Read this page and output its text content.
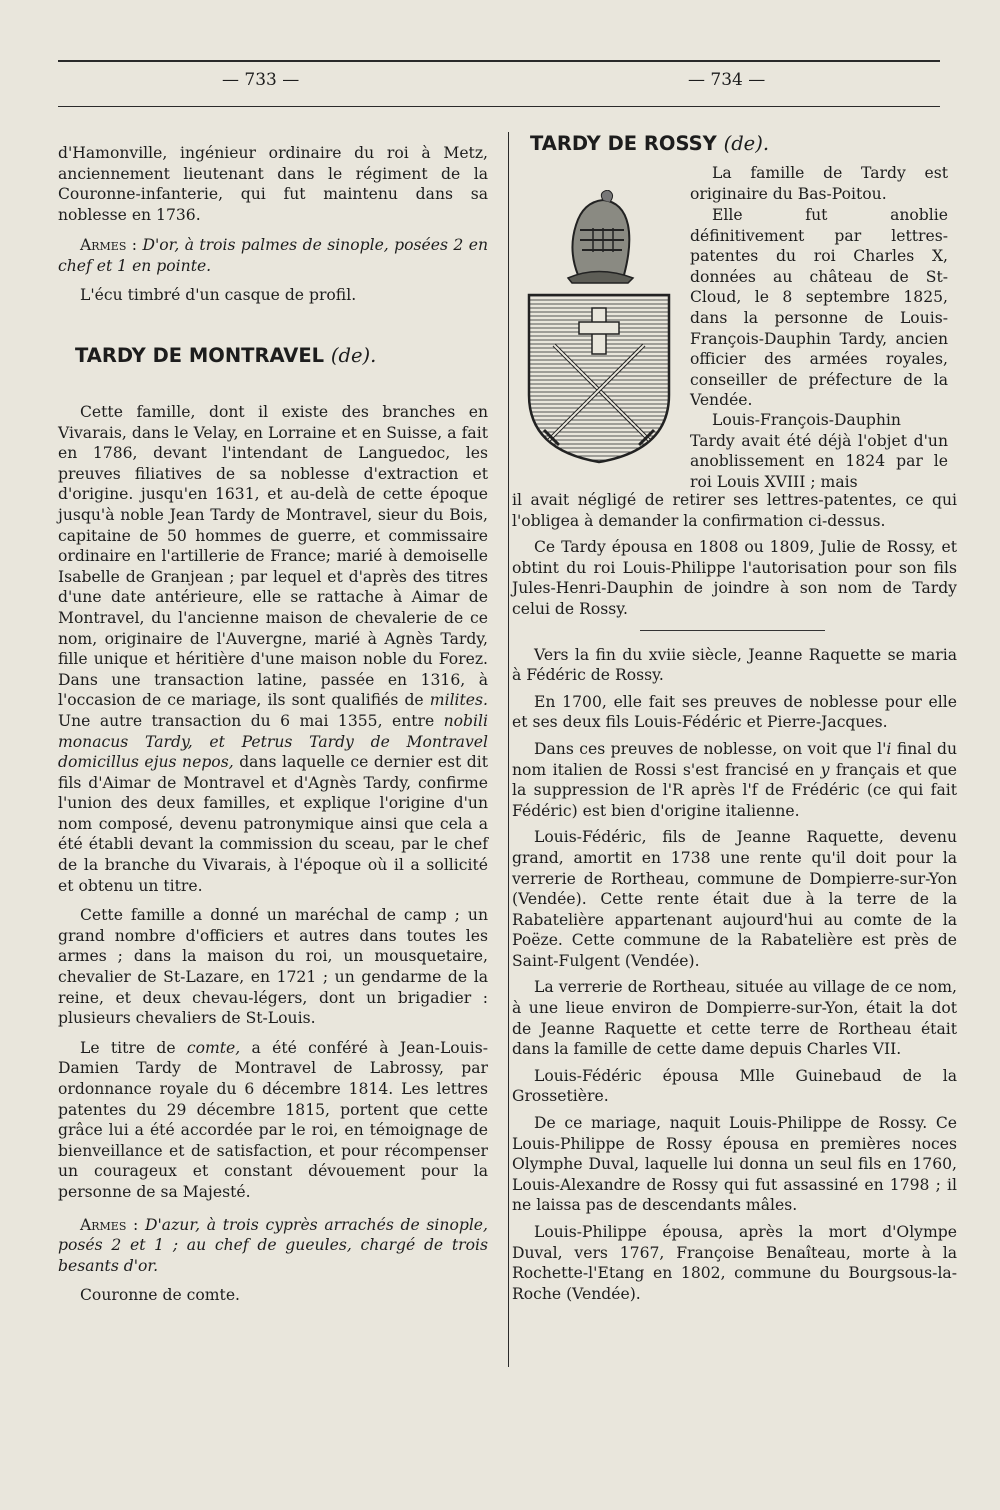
— 733 —	— 734 —

d'Hamonville, ingénieur ordinaire du roi à Metz, anciennement lieutenant dans le régiment de la Couronne-infanterie, qui fut maintenu dans sa noblesse en 1736.

Armes : D'or, à trois palmes de sinople, posées 2 en chef et 1 en pointe.

L'écu timbré d'un casque de profil.

TARDY DE MONTRAVEL (de).

Cette famille, dont il existe des branches en Vivarais, dans le Velay, en Lorraine et en Suisse, a fait en 1786, devant l'intendant de Languedoc, les preuves filiatives de sa noblesse d'extraction et d'origine. jusqu'en 1631, et au-delà de cette époque jusqu'à noble Jean Tardy de Montravel, sieur du Bois, capitaine de 50 hommes de guerre, et commissaire ordinaire en l'artillerie de France; marié à demoiselle Isabelle de Granjean ; par lequel et d'après des titres d'une date antérieure, elle se rattache à Aimar de Montravel, du l'ancienne maison de chevalerie de ce nom, originaire de l'Auvergne, marié à Agnès Tardy, fille unique et héritière d'une maison noble du Forez. Dans une transaction latine, passée en 1316, à l'occasion de ce mariage, ils sont qualifiés de milites. Une autre transaction du 6 mai 1355, entre nobili monacus Tardy, et Petrus Tardy de Montravel domicillus ejus nepos, dans laquelle ce dernier est dit fils d'Aimar de Montravel et d'Agnès Tardy, confirme l'union des deux familles, et explique l'origine d'un nom composé, devenu patronymique ainsi que cela a été établi devant la commission du sceau, par le chef de la branche du Vivarais, à l'époque où il a sollicité et obtenu un titre.

Cette famille a donné un maréchal de camp ; un grand nombre d'officiers et autres dans toutes les armes ; dans la maison du roi, un mousquetaire, chevalier de St-Lazare, en 1721 ; un gendarme de la reine, et deux chevau-légers, dont un brigadier : plusieurs chevaliers de St-Louis.

Le titre de comte, a été conféré à Jean-Louis-Damien Tardy de Montravel de Labrossy, par ordonnance royale du 6 décembre 1814. Les lettres patentes du 29 décembre 1815, portent que cette grâce lui a été accordée par le roi, en témoignage de bienveillance et de satisfaction, et pour récompenser un courageux et constant dévouement pour la personne de sa Majesté.

Armes : D'azur, à trois cyprès arrachés de sinople, posés 2 et 1 ; au chef de gueules, chargé de trois besants d'or.

Couronne de comte.

TARDY DE ROSSY (de).
La famille de Tardy est originaire du Bas-Poitou.
Elle fut anoblie définitivement par lettres-patentes du roi Charles X, données au château de St-Cloud, le 8 septembre 1825, dans la personne de Louis-François-Dauphin Tardy, ancien officier des armées royales, conseiller de préfecture de la Vendée.
Louis-François-Dauphin Tardy avait été déjà l'objet d'un anoblissement en 1824 par le roi Louis XVIII ; mais

il avait négligé de retirer ses lettres-patentes, ce qui l'obligea à demander la confirmation ci-dessus.

Ce Tardy épousa en 1808 ou 1809, Julie de Rossy, et obtint du roi Louis-Philippe l'autorisation pour son fils Jules-Henri-Dauphin de joindre à son nom de Tardy celui de Rossy.

Vers la fin du xviie siècle, Jeanne Raquette se maria à Fédéric de Rossy.

En 1700, elle fait ses preuves de noblesse pour elle et ses deux fils Louis-Fédéric et Pierre-Jacques.

Dans ces preuves de noblesse, on voit que l'i final du nom italien de Rossi s'est francisé en y français et que la suppression de l'R après l'f de Frédéric (ce qui fait Fédéric) est bien d'origine italienne.

Louis-Fédéric, fils de Jeanne Raquette, devenu grand, amortit en 1738 une rente qu'il doit pour la verrerie de Rortheau, commune de Dompierre-sur-Yon (Vendée). Cette rente était due à la terre de la Rabatelière appartenant aujourd'hui au comte de la Poëze. Cette commune de la Rabatelière est près de Saint-Fulgent (Vendée).

La verrerie de Rortheau, située au village de ce nom, à une lieue environ de Dompierre-sur-Yon, était la dot de Jeanne Raquette et cette terre de Rortheau était dans la famille de cette dame depuis Charles VII.

Louis-Fédéric épousa Mlle Guinebaud de la Grossetière.

De ce mariage, naquit Louis-Philippe de Rossy. Ce Louis-Philippe de Rossy épousa en premières noces Olymphe Duval, laquelle lui donna un seul fils en 1760, Louis-Alexandre de Rossy qui fut assassiné en 1798 ; il ne laissa pas de descendants mâles.

Louis-Philippe épousa, après la mort d'Olympe Duval, vers 1767, Françoise Benaîteau, morte à la Rochette-l'Etang en 1802, commune du Bourgsous-la-Roche (Vendée).
